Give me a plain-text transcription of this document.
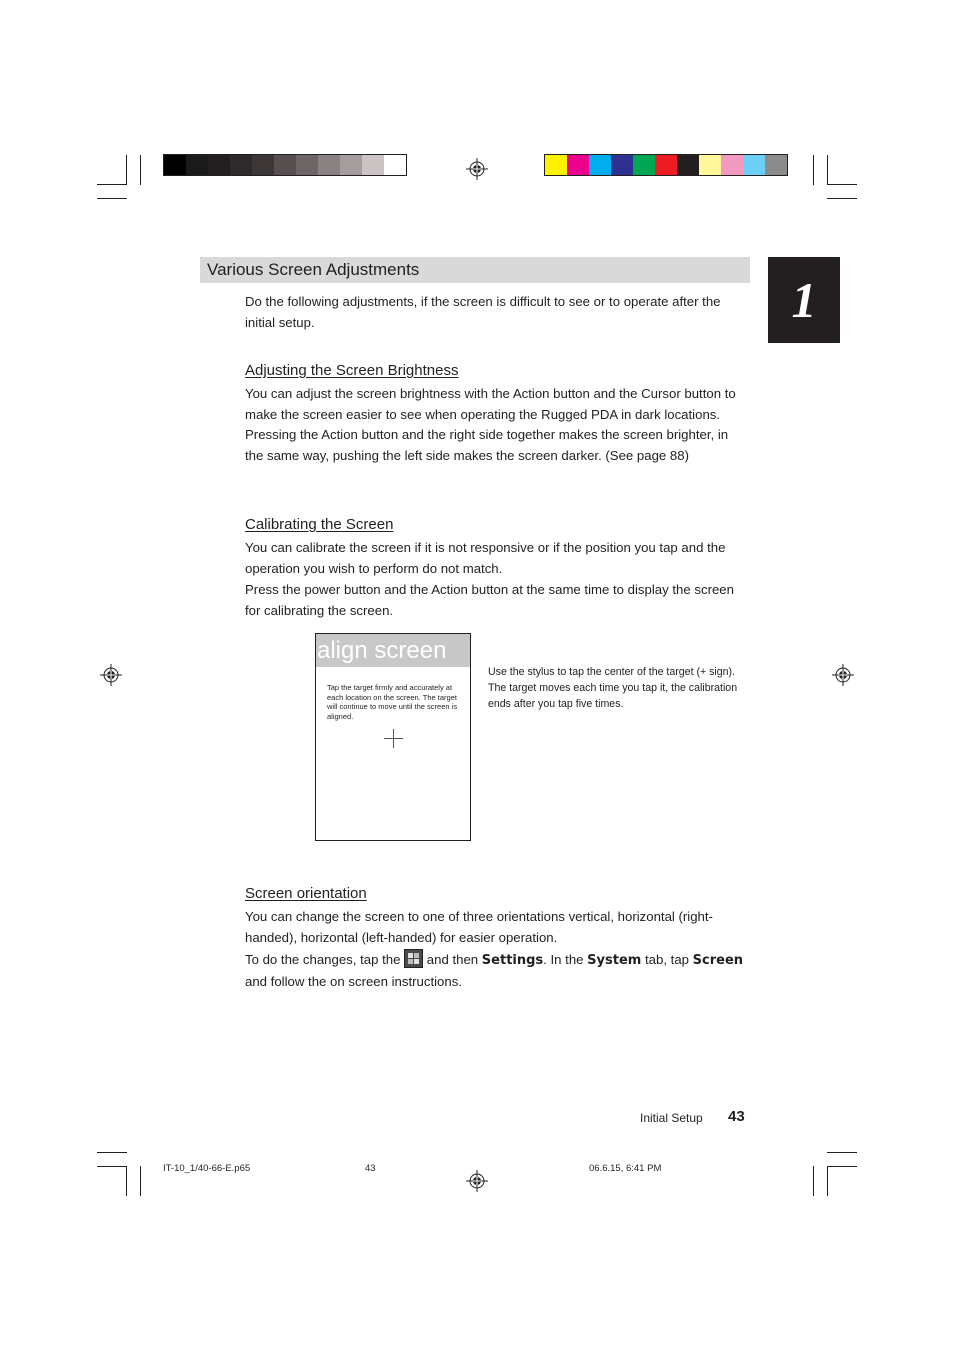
Various Screen Adjustments
1
Do the following adjustments, if the screen is difficult to see or to operate after the initial setup.
Adjusting the Screen Brightness
You can adjust the screen brightness with the Action button and the Cursor button to make the screen easier to see when operating the Rugged PDA in dark locations. Pressing the Action button and the right side together makes the screen brighter, in the same way, pushing the left side makes the screen darker. (See page 88)
Calibrating the Screen
You can calibrate the screen if it is not responsive or if the position you tap and the operation you wish to perform do not match.
Press the power button and the Action button at the same time to display the screen for calibrating the screen.
align screen
Tap the target firmly and accurately at each location on the screen. The target will continue to move until the screen is aligned.
Use the stylus to tap the center of the target (+ sign). The target moves each time you tap it, the calibration ends after you tap five times.
Screen orientation
You can change the screen to one of three orientations vertical, horizontal (right-handed), horizontal (left-handed) for easier operation.
To do the changes, tap the and then Settings. In the System tab, tap Screen and follow the on screen instructions.
Initial Setup 43
IT-10_1/40-66-E.p65	43	06.6.15, 6:41 PM
